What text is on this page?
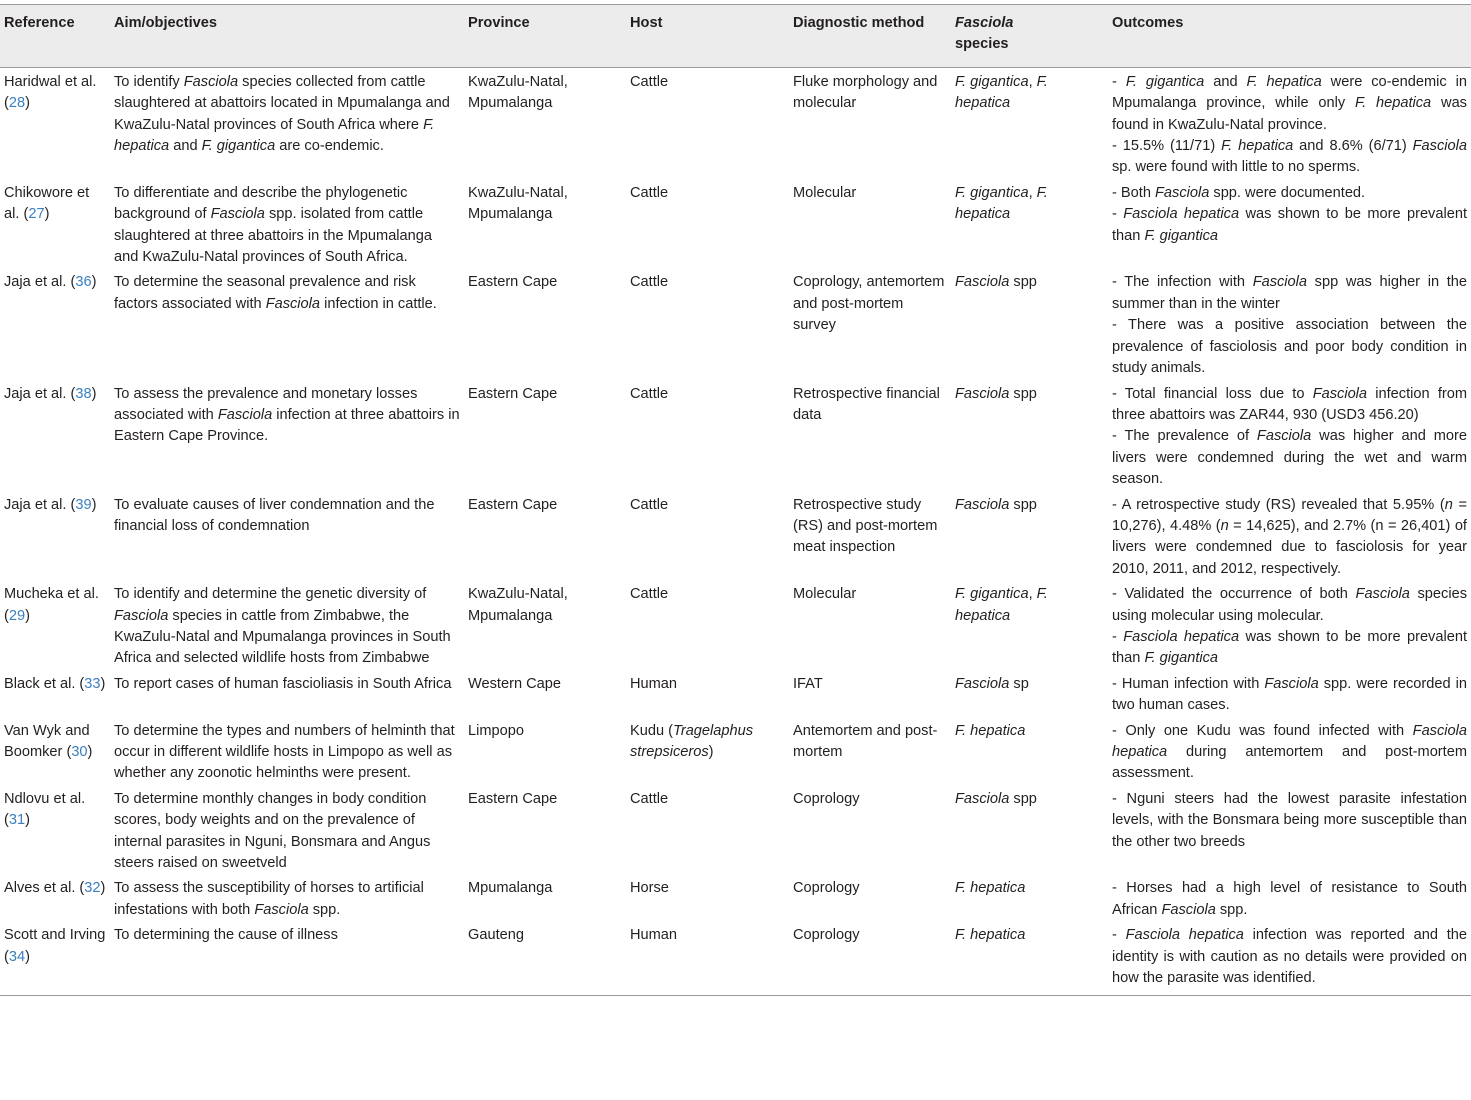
Reference	Aim/objectives	Province	Host	Diagnostic method	Fasciola
species	Outcomes
Haridwal et al. (28)	To identify Fasciola species collected from cattle slaughtered at abattoirs located in Mpumalanga and KwaZulu-Natal provinces of South Africa where F. hepatica and F. gigantica are co-endemic.	KwaZulu-Natal, Mpumalanga	Cattle	Fluke morphology and molecular	F. gigantica, F. hepatica	- F. gigantica and F. hepatica were co-endemic in Mpumalanga province, while only F. hepatica was found in KwaZulu-Natal province.
- 15.5% (11/71) F. hepatica and 8.6% (6/71) Fasciola sp. were found with little to no sperms.

Chikowore et al. (27)	To differentiate and describe the phylogenetic background of Fasciola spp. isolated from cattle slaughtered at three abattoirs in the Mpumalanga and KwaZulu-Natal provinces of South Africa.	KwaZulu-Natal, Mpumalanga	Cattle	Molecular	F. gigantica, F. hepatica	- Both Fasciola spp. were documented.
- Fasciola hepatica was shown to be more prevalent than F. gigantica

Jaja et al. (36)	To determine the seasonal prevalence and risk factors associated with Fasciola infection in cattle.	Eastern Cape	Cattle	Coprology, antemortem and post-mortem survey	Fasciola spp	- The infection with Fasciola spp was higher in the summer than in the winter
- There was a positive association between the prevalence of fasciolosis and poor body condition in study animals.

Jaja et al. (38)	To assess the prevalence and monetary losses associated with Fasciola infection at three abattoirs in Eastern Cape Province.	Eastern Cape	Cattle	Retrospective financial data	Fasciola spp	- Total financial loss due to Fasciola infection from three abattoirs was ZAR44, 930 (USD3 456.20)
- The prevalence of Fasciola was higher and more livers were condemned during the wet and warm season.

Jaja et al. (39)	To evaluate causes of liver condemnation and the financial loss of condemnation	Eastern Cape	Cattle	Retrospective study (RS) and post-mortem meat inspection	Fasciola spp	- A retrospective study (RS) revealed that 5.95% (n = 10,276), 4.48% (n = 14,625), and 2.7% (n = 26,401) of livers were condemned due to fasciolosis for year 2010, 2011, and 2012, respectively.

Mucheka et al. (29)	To identify and determine the genetic diversity of Fasciola species in cattle from Zimbabwe, the KwaZulu-Natal and Mpumalanga provinces in South Africa and selected wildlife hosts from Zimbabwe	KwaZulu-Natal, Mpumalanga	Cattle	Molecular	F. gigantica, F. hepatica	- Validated the occurrence of both Fasciola species using molecular using molecular.
- Fasciola hepatica was shown to be more prevalent than F. gigantica

Black et al. (33)	To report cases of human fascioliasis in South Africa	Western Cape	Human	IFAT	Fasciola sp	- Human infection with Fasciola spp. were recorded in two human cases.

Van Wyk and Boomker (30)	To determine the types and numbers of helminth that occur in different wildlife hosts in Limpopo as well as whether any zoonotic helminths were present.	Limpopo	Kudu (Tragelaphus strepsiceros)	Antemortem and post-mortem	F. hepatica	- Only one Kudu was found infected with Fasciola hepatica during antemortem and post-mortem assessment.

Ndlovu et al. (31)	To determine monthly changes in body condition scores, body weights and on the prevalence of internal parasites in Nguni, Bonsmara and Angus steers raised on sweetveld	Eastern Cape	Cattle	Coprology	Fasciola spp	- Nguni steers had the lowest parasite infestation levels, with the Bonsmara being more susceptible than the other two breeds

Alves et al. (32)	To assess the susceptibility of horses to artificial infestations with both Fasciola spp.	Mpumalanga	Horse	Coprology	F. hepatica	- Horses had a high level of resistance to South African Fasciola spp.

Scott and Irving (34)	To determining the cause of illness	Gauteng	Human	Coprology	F. hepatica	- Fasciola hepatica infection was reported and the identity is with caution as no details were provided on how the parasite was identified.
